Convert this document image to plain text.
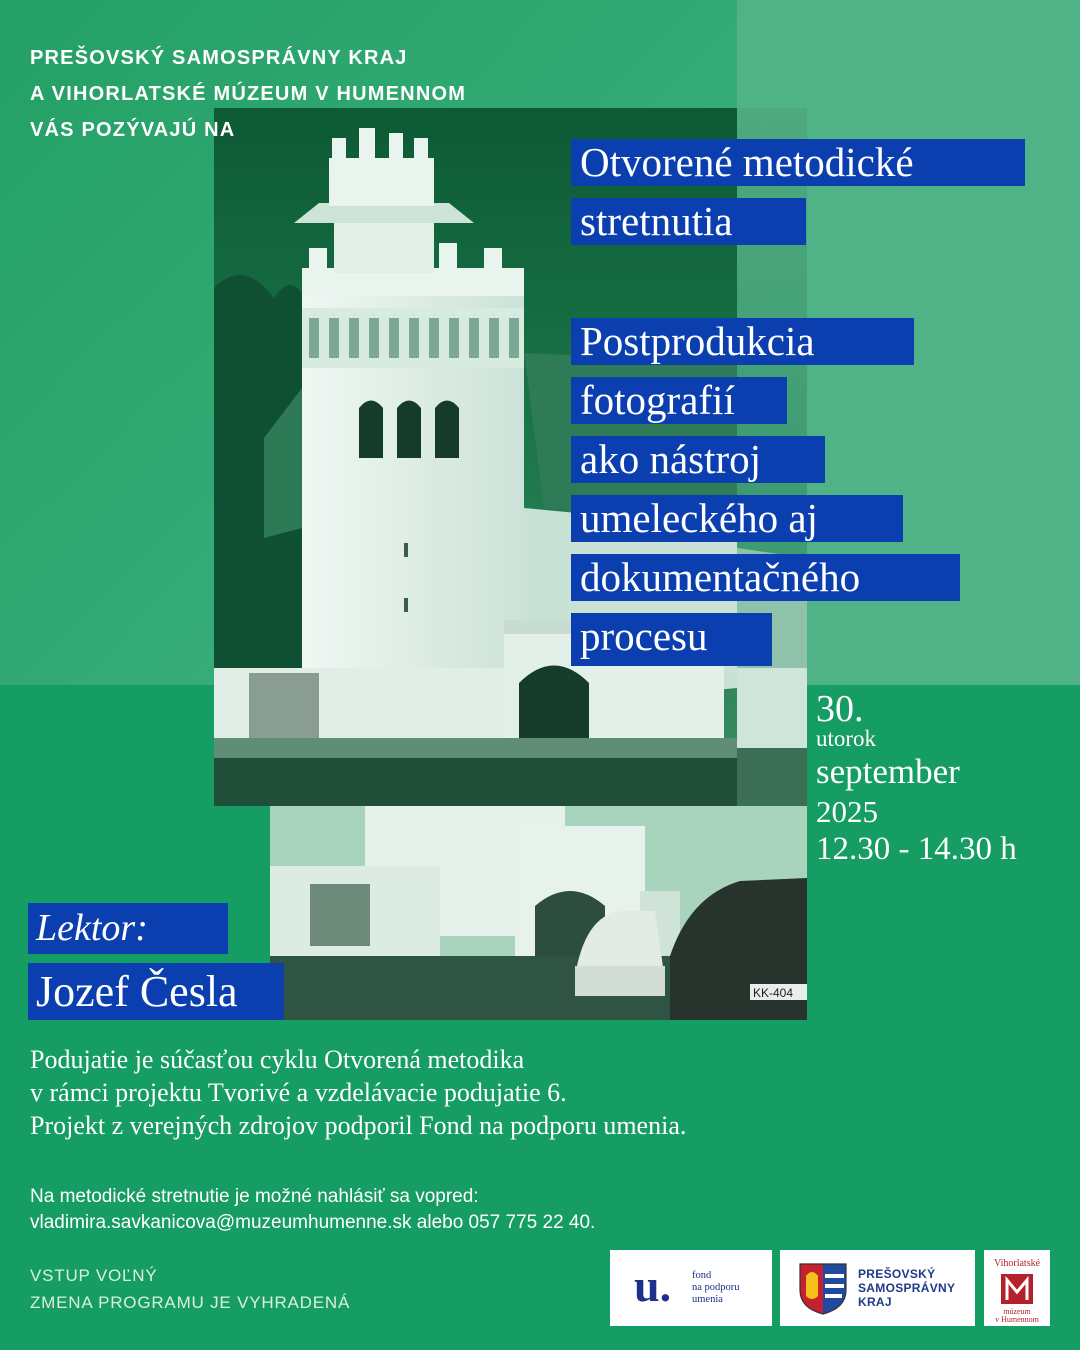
KK-404
PREŠOVSKÝ SAMOSPRÁVNY KRAJ
A VIHORLATSKÉ MÚZEUM V HUMENNOM
VÁS POZÝVAJÚ NA
Otvorené metodické
stretnutia
Postprodukcia
fotografií
ako nástroj
umeleckého aj
dokumentačného
procesu
30.
utorok
september
2025
12.30 - 14.30 h
Lektor:
Jozef Česla
Podujatie je súčasťou cyklu Otvorená metodika
v rámci projektu Tvorivé a vzdelávacie podujatie 6.
Projekt z verejných zdrojov podporil Fond na podporu umenia.
Na metodické stretnutie je možné nahlásiť sa vopred:
vladimira.savkanicova@muzeumhumenne.sk alebo 057 775 22 40.
VSTUP VOĽNÝ
ZMENA PROGRAMU JE VYHRADENÁ	u. fond
na podporu
umenia
PREŠOVSKÝ
SAMOSPRÁVNY
KRAJ
Vihorlatské
múzeum
v Humennom
